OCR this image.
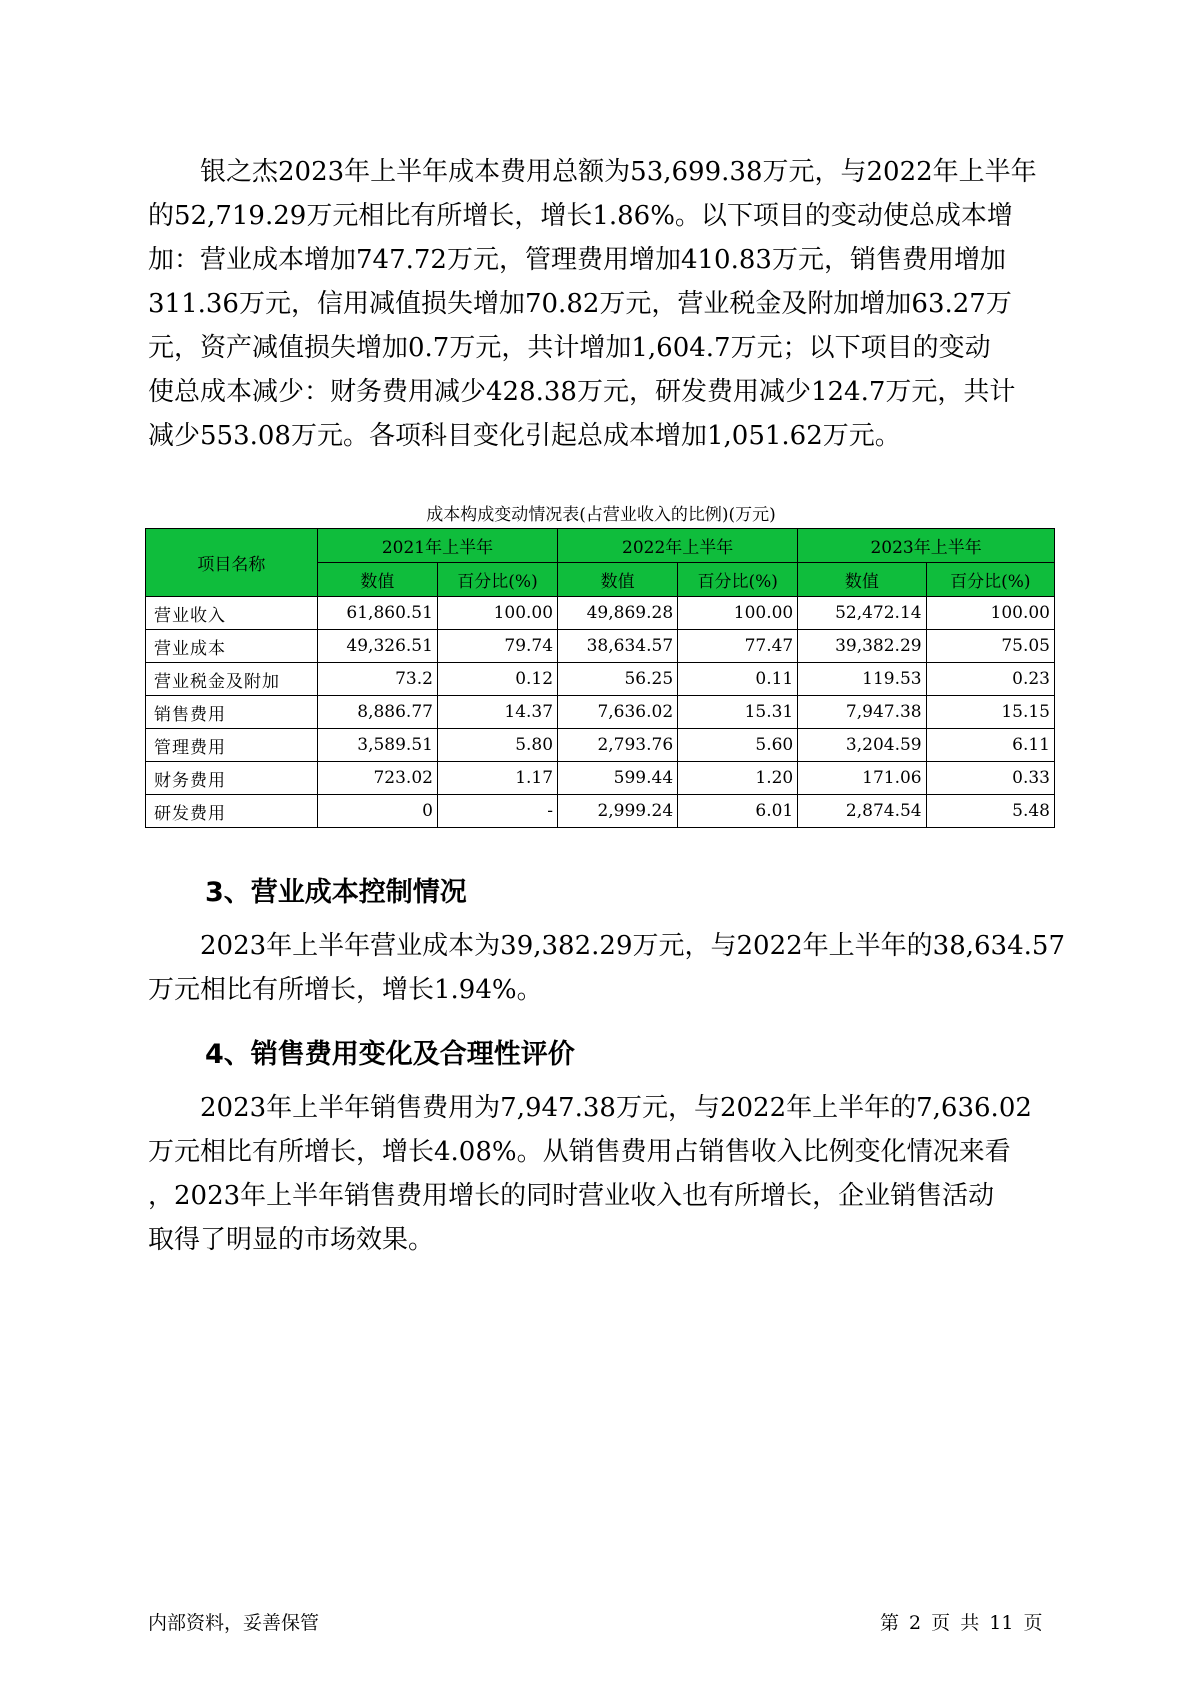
银之杰2023年上半年成本费用总额为53,699.38万元，与2022年上半年
的52,719.29万元相比有所增长，增长1.86%。以下项目的变动使总成本增
加：营业成本增加747.72万元，管理费用增加410.83万元，销售费用增加
311.36万元，信用减值损失增加70.82万元，营业税金及附加增加63.27万
元，资产减值损失增加0.7万元，共计增加1,604.7万元；以下项目的变动
使总成本减少：财务费用减少428.38万元，研发费用减少124.7万元，共计
减少553.08万元。各项科目变化引起总成本增加1,051.62万元。
成本构成变动情况表(占营业收入的比例)(万元)
项目名称	2021年上半年		2022年上半年		2023年上半年	
	数值	百分比(%)	数值	百分比(%)	数值	百分比(%)
营业收入	61,860.51	100.00	49,869.28	100.00	52,472.14	100.00
营业成本	49,326.51	79.74	38,634.57	77.47	39,382.29	75.05
营业税金及附加	73.2	0.12	56.25	0.11	119.53	0.23
销售费用	8,886.77	14.37	7,636.02	15.31	7,947.38	15.15
管理费用	3,589.51	5.80	2,793.76	5.60	3,204.59	6.11
财务费用	723.02	1.17	599.44	1.20	171.06	0.33
研发费用	0	-	2,999.24	6.01	2,874.54	5.48
3、营业成本控制情况
2023年上半年营业成本为39,382.29万元，与2022年上半年的38,634.57
万元相比有所增长，增长1.94%。
4、销售费用变化及合理性评价
2023年上半年销售费用为7,947.38万元，与2022年上半年的7,636.02
万元相比有所增长，增长4.08%。从销售费用占销售收入比例变化情况来看
，2023年上半年销售费用增长的同时营业收入也有所增长，企业销售活动
取得了明显的市场效果。
内部资料，妥善保管	第 2 页 共 11 页
